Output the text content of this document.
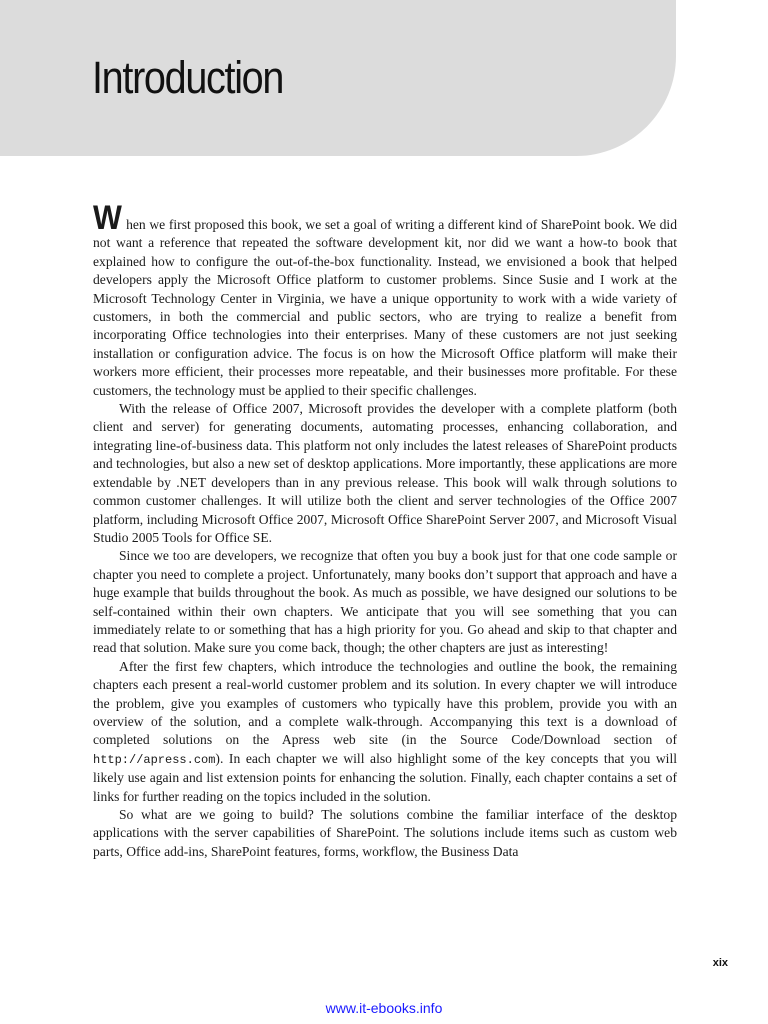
Introduction

When we first proposed this book, we set a goal of writing a different kind of SharePoint book. We did not want a reference that repeated the software development kit, nor did we want a how-to book that explained how to configure the out-of-the-box functionality. Instead, we envisioned a book that helped developers apply the Microsoft Office platform to customer problems. Since Susie and I work at the Microsoft Technology Center in Virginia, we have a unique opportunity to work with a wide variety of customers, in both the commercial and public sectors, who are trying to realize a benefit from incorporating Office technologies into their enterprises. Many of these customers are not just seeking installation or configuration advice. The focus is on how the Microsoft Office platform will make their workers more efficient, their processes more repeatable, and their businesses more profitable. For these customers, the technology must be applied to their specific challenges.

With the release of Office 2007, Microsoft provides the developer with a complete platform (both client and server) for generating documents, automating processes, enhancing collaboration, and integrating line-of-business data. This platform not only includes the latest releases of SharePoint products and technologies, but also a new set of desktop applications. More importantly, these applications are more extendable by .NET developers than in any previous release. This book will walk through solutions to common customer challenges. It will utilize both the client and server technologies of the Office 2007 platform, including Microsoft Office 2007, Microsoft Office SharePoint Server 2007, and Microsoft Visual Studio 2005 Tools for Office SE.

Since we too are developers, we recognize that often you buy a book just for that one code sample or chapter you need to complete a project. Unfortunately, many books don’t support that approach and have a huge example that builds throughout the book. As much as possible, we have designed our solutions to be self-contained within their own chapters. We anticipate that you will see something that you can immediately relate to or something that has a high priority for you. Go ahead and skip to that chapter and read that solution. Make sure you come back, though; the other chapters are just as interesting!

After the first few chapters, which introduce the technologies and outline the book, the remaining chapters each present a real-world customer problem and its solution. In every chapter we will introduce the problem, give you examples of customers who typically have this problem, provide you with an overview of the solution, and a complete walk-through. Accompanying this text is a download of completed solutions on the Apress web site (in the Source Code/Download section of http://apress.com). In each chapter we will also highlight some of the key concepts that you will likely use again and list extension points for enhancing the solution. Finally, each chapter contains a set of links for further reading on the topics included in the solution.

So what are we going to build? The solutions combine the familiar interface of the desktop applications with the server capabilities of SharePoint. The solutions include items such as custom web parts, Office add-ins, SharePoint features, forms, workflow, the Business Data

xix
www.it-ebooks.info
